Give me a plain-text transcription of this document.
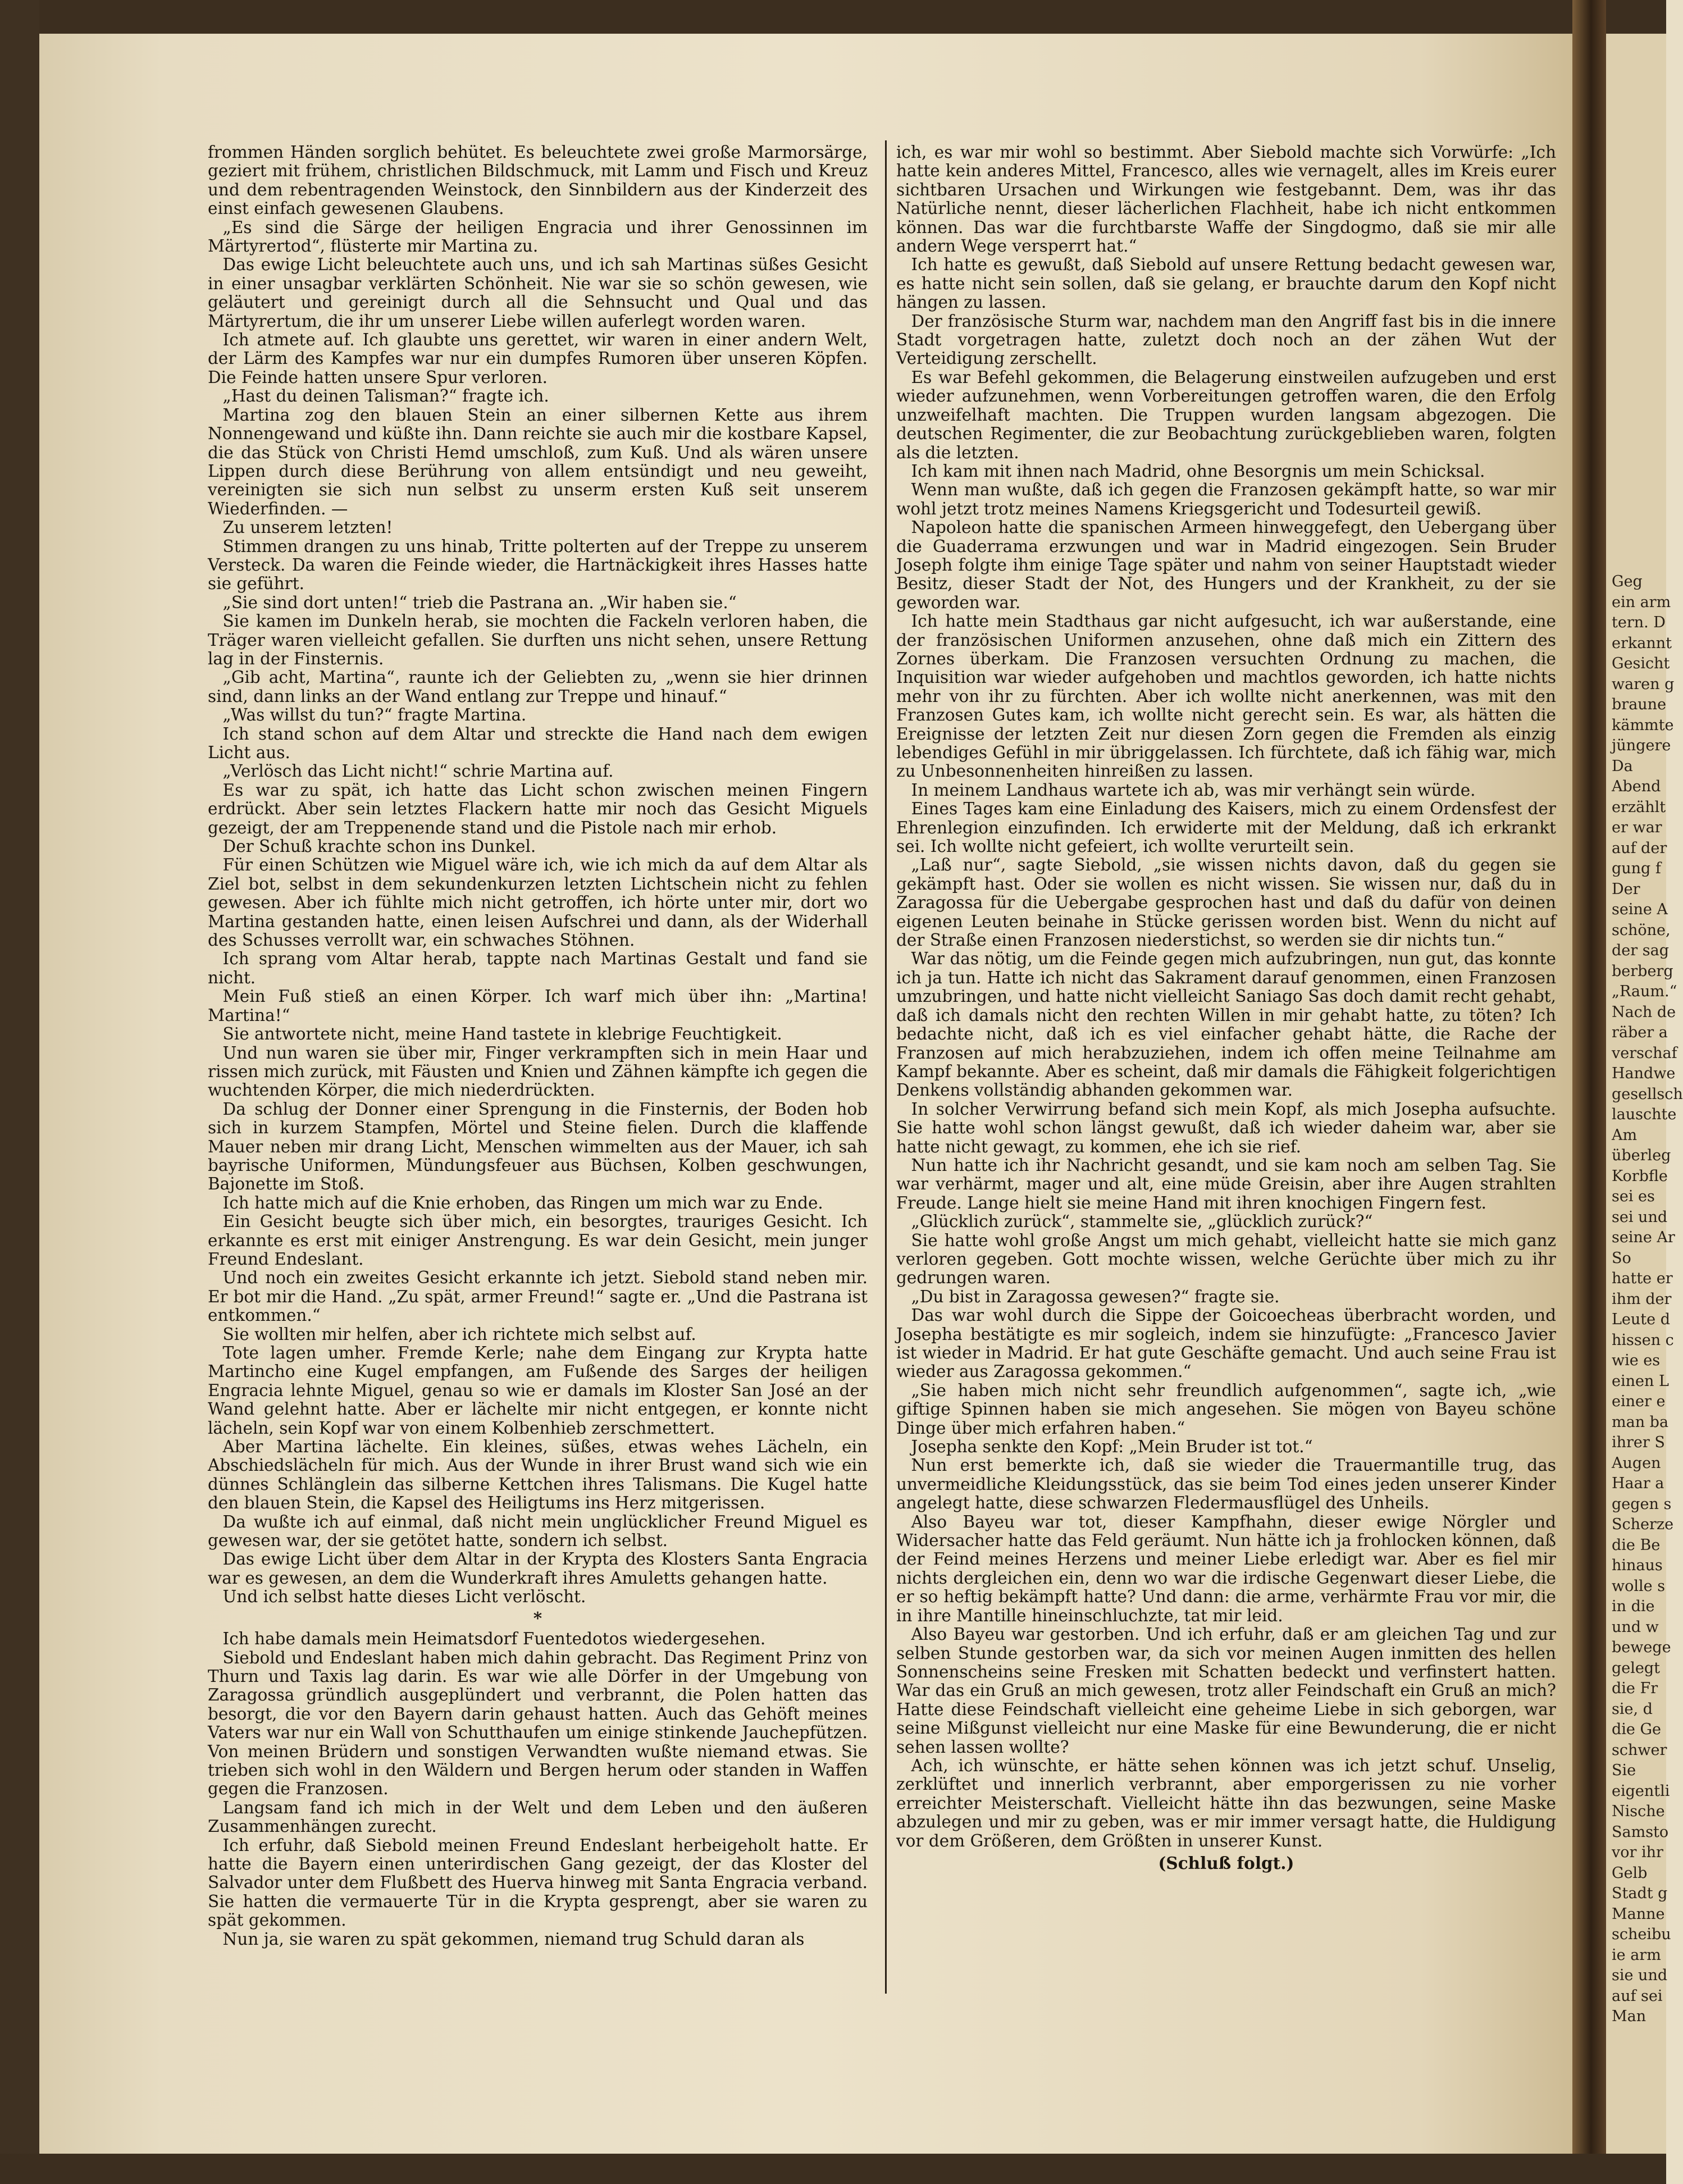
Geg
ein arm
tern. D
erkannt
Gesicht
waren g
braune
kämmte
jüngere
Da
Abend
erzählt
er war
auf der
gung f
Der
seine A
schöne,
der sag
berberg
„Raum.“
Nach de
räber a
verschaf
Handwe
gesellsch
lauschte
Am
überleg
Korbfle
sei es
sei und
seine Ar
So
hatte er
ihm der
Leute d
hissen c
wie es
einen L
einer e
man ba
ihrer S
Augen
Haar a
gegen s
Scherze
die Be
hinaus
wolle s
in die
und w
bewege
gelegt
die Fr
sie, d
die Ge
schwer
Sie
eigentli
Nische
Samsto
vor ihr
Gelb
Stadt g
Manne
scheibu
ie arm
sie und
auf sei
Man

frommen Händen sorglich behütet. Es beleuchtete zwei große Marmorsärge, geziert mit frühem, christlichen Bildschmuck, mit Lamm und Fisch und Kreuz und dem rebentragenden Weinstock, den Sinnbildern aus der Kinderzeit des einst einfach gewesenen Glaubens.

„Es sind die Särge der heiligen Engracia und ihrer Genossinnen im Märtyrertod“, flüsterte mir Martina zu.

Das ewige Licht beleuchtete auch uns, und ich sah Martinas süßes Gesicht in einer unsagbar verklärten Schönheit. Nie war sie so schön gewesen, wie geläutert und gereinigt durch all die Sehnsucht und Qual und das Märtyrertum, die ihr um unserer Liebe willen auferlegt worden waren.

Ich atmete auf. Ich glaubte uns gerettet, wir waren in einer andern Welt, der Lärm des Kampfes war nur ein dumpfes Rumoren über unseren Köpfen. Die Feinde hatten unsere Spur verloren.

„Hast du deinen Talisman?“ fragte ich.

Martina zog den blauen Stein an einer silbernen Kette aus ihrem Nonnengewand und küßte ihn. Dann reichte sie auch mir die kostbare Kapsel, die das Stück von Christi Hemd umschloß, zum Kuß. Und als wären unsere Lippen durch diese Berührung von allem entsündigt und neu geweiht, vereinigten sie sich nun selbst zu unserm ersten Kuß seit unserem Wiederfinden. —

Zu unserem letzten!

Stimmen drangen zu uns hinab, Tritte polterten auf der Treppe zu unserem Versteck. Da waren die Feinde wieder, die Hartnäckigkeit ihres Hasses hatte sie geführt.

„Sie sind dort unten!“ trieb die Pastrana an. „Wir haben sie.“

Sie kamen im Dunkeln herab, sie mochten die Fackeln verloren haben, die Träger waren vielleicht gefallen. Sie durften uns nicht sehen, unsere Rettung lag in der Finsternis.

„Gib acht, Martina“, raunte ich der Geliebten zu, „wenn sie hier drinnen sind, dann links an der Wand entlang zur Treppe und hinauf.“

„Was willst du tun?“ fragte Martina.

Ich stand schon auf dem Altar und streckte die Hand nach dem ewigen Licht aus.

„Verlösch das Licht nicht!“ schrie Martina auf.

Es war zu spät, ich hatte das Licht schon zwischen meinen Fingern erdrückt. Aber sein letztes Flackern hatte mir noch das Gesicht Miguels gezeigt, der am Treppenende stand und die Pistole nach mir erhob.

Der Schuß krachte schon ins Dunkel.

Für einen Schützen wie Miguel wäre ich, wie ich mich da auf dem Altar als Ziel bot, selbst in dem sekundenkurzen letzten Lichtschein nicht zu fehlen gewesen. Aber ich fühlte mich nicht getroffen, ich hörte unter mir, dort wo Martina gestanden hatte, einen leisen Aufschrei und dann, als der Widerhall des Schusses verrollt war, ein schwaches Stöhnen.

Ich sprang vom Altar herab, tappte nach Martinas Gestalt und fand sie nicht.

Mein Fuß stieß an einen Körper. Ich warf mich über ihn: „Martina! Martina!“

Sie antwortete nicht, meine Hand tastete in klebrige Feuchtigkeit.

Und nun waren sie über mir, Finger verkrampften sich in mein Haar und rissen mich zurück, mit Fäusten und Knien und Zähnen kämpfte ich gegen die wuchtenden Körper, die mich niederdrückten.

Da schlug der Donner einer Sprengung in die Finsternis, der Boden hob sich in kurzem Stampfen, Mörtel und Steine fielen. Durch die klaffende Mauer neben mir drang Licht, Menschen wimmelten aus der Mauer, ich sah bayrische Uniformen, Mündungsfeuer aus Büchsen, Kolben geschwungen, Bajonette im Stoß.

Ich hatte mich auf die Knie erhoben, das Ringen um mich war zu Ende.

Ein Gesicht beugte sich über mich, ein besorgtes, trauriges Gesicht. Ich erkannte es erst mit einiger Anstrengung. Es war dein Gesicht, mein junger Freund Endeslant.

Und noch ein zweites Gesicht erkannte ich jetzt. Siebold stand neben mir. Er bot mir die Hand. „Zu spät, armer Freund!“ sagte er. „Und die Pastrana ist entkommen.“

Sie wollten mir helfen, aber ich richtete mich selbst auf.

Tote lagen umher. Fremde Kerle; nahe dem Eingang zur Krypta hatte Martincho eine Kugel empfangen, am Fußende des Sarges der heiligen Engracia lehnte Miguel, genau so wie er damals im Kloster San José an der Wand gelehnt hatte. Aber er lächelte mir nicht entgegen, er konnte nicht lächeln, sein Kopf war von einem Kolbenhieb zerschmettert.

Aber Martina lächelte. Ein kleines, süßes, etwas wehes Lächeln, ein Abschiedslächeln für mich. Aus der Wunde in ihrer Brust wand sich wie ein dünnes Schlänglein das silberne Kettchen ihres Talismans. Die Kugel hatte den blauen Stein, die Kapsel des Heiligtums ins Herz mitgerissen.

Da wußte ich auf einmal, daß nicht mein unglücklicher Freund Miguel es gewesen war, der sie getötet hatte, sondern ich selbst.

Das ewige Licht über dem Altar in der Krypta des Klosters Santa Engracia war es gewesen, an dem die Wunderkraft ihres Amuletts gehangen hatte.

Und ich selbst hatte dieses Licht verlöscht.

*

Ich habe damals mein Heimatsdorf Fuentedotos wiedergesehen.

Siebold und Endeslant haben mich dahin gebracht. Das Regiment Prinz von Thurn und Taxis lag darin. Es war wie alle Dörfer in der Umgebung von Zaragossa gründlich ausgeplündert und verbrannt, die Polen hatten das besorgt, die vor den Bayern darin gehaust hatten. Auch das Gehöft meines Vaters war nur ein Wall von Schutthaufen um einige stinkende Jauchepfützen. Von meinen Brüdern und sonstigen Verwandten wußte niemand etwas. Sie trieben sich wohl in den Wäldern und Bergen herum oder standen in Waffen gegen die Franzosen.

Langsam fand ich mich in der Welt und dem Leben und den äußeren Zusammenhängen zurecht.

Ich erfuhr, daß Siebold meinen Freund Endeslant herbeigeholt hatte. Er hatte die Bayern einen unterirdischen Gang gezeigt, der das Kloster del Salvador unter dem Flußbett des Huerva hinweg mit Santa Engracia verband. Sie hatten die vermauerte Tür in die Krypta gesprengt, aber sie waren zu spät gekommen.

Nun ja, sie waren zu spät gekommen, niemand trug Schuld daran als

ich, es war mir wohl so bestimmt. Aber Siebold machte sich Vorwürfe: „Ich hatte kein anderes Mittel, Francesco, alles wie vernagelt, alles im Kreis eurer sichtbaren Ursachen und Wirkungen wie festgebannt. Dem, was ihr das Natürliche nennt, dieser lächerlichen Flachheit, habe ich nicht entkommen können. Das war die furchtbarste Waffe der Singdogmo, daß sie mir alle andern Wege versperrt hat.“

Ich hatte es gewußt, daß Siebold auf unsere Rettung bedacht gewesen war, es hatte nicht sein sollen, daß sie gelang, er brauchte darum den Kopf nicht hängen zu lassen.

Der französische Sturm war, nachdem man den Angriff fast bis in die innere Stadt vorgetragen hatte, zuletzt doch noch an der zähen Wut der Verteidigung zerschellt.

Es war Befehl gekommen, die Belagerung einstweilen aufzugeben und erst wieder aufzunehmen, wenn Vorbereitungen getroffen waren, die den Erfolg unzweifelhaft machten. Die Truppen wurden langsam abgezogen. Die deutschen Regimenter, die zur Beobachtung zurückgeblieben waren, folgten als die letzten.

Ich kam mit ihnen nach Madrid, ohne Besorgnis um mein Schicksal.

Wenn man wußte, daß ich gegen die Franzosen gekämpft hatte, so war mir wohl jetzt trotz meines Namens Kriegsgericht und Todesurteil gewiß.

Napoleon hatte die spanischen Armeen hinweggefegt, den Uebergang über die Guaderrama erzwungen und war in Madrid eingezogen. Sein Bruder Joseph folgte ihm einige Tage später und nahm von seiner Hauptstadt wieder Besitz, dieser Stadt der Not, des Hungers und der Krankheit, zu der sie geworden war.

Ich hatte mein Stadthaus gar nicht aufgesucht, ich war außerstande, eine der französischen Uniformen anzusehen, ohne daß mich ein Zittern des Zornes überkam. Die Franzosen versuchten Ordnung zu machen, die Inquisition war wieder aufgehoben und machtlos geworden, ich hatte nichts mehr von ihr zu fürchten. Aber ich wollte nicht anerkennen, was mit den Franzosen Gutes kam, ich wollte nicht gerecht sein. Es war, als hätten die Ereignisse der letzten Zeit nur diesen Zorn gegen die Fremden als einzig lebendiges Gefühl in mir übriggelassen. Ich fürchtete, daß ich fähig war, mich zu Unbesonnenheiten hinreißen zu lassen.

In meinem Landhaus wartete ich ab, was mir verhängt sein würde.

Eines Tages kam eine Einladung des Kaisers, mich zu einem Ordensfest der Ehrenlegion einzufinden. Ich erwiderte mit der Meldung, daß ich erkrankt sei. Ich wollte nicht gefeiert, ich wollte verurteilt sein.

„Laß nur“, sagte Siebold, „sie wissen nichts davon, daß du gegen sie gekämpft hast. Oder sie wollen es nicht wissen. Sie wissen nur, daß du in Zaragossa für die Uebergabe gesprochen hast und daß du dafür von deinen eigenen Leuten beinahe in Stücke gerissen worden bist. Wenn du nicht auf der Straße einen Franzosen niederstichst, so werden sie dir nichts tun.“

War das nötig, um die Feinde gegen mich aufzubringen, nun gut, das konnte ich ja tun. Hatte ich nicht das Sakrament darauf genommen, einen Franzosen umzubringen, und hatte nicht vielleicht Saniago Sas doch damit recht gehabt, daß ich damals nicht den rechten Willen in mir gehabt hatte, zu töten? Ich bedachte nicht, daß ich es viel einfacher gehabt hätte, die Rache der Franzosen auf mich herabzuziehen, indem ich offen meine Teilnahme am Kampf bekannte. Aber es scheint, daß mir damals die Fähigkeit folgerichtigen Denkens vollständig abhanden gekommen war.

In solcher Verwirrung befand sich mein Kopf, als mich Josepha aufsuchte. Sie hatte wohl schon längst gewußt, daß ich wieder daheim war, aber sie hatte nicht gewagt, zu kommen, ehe ich sie rief.

Nun hatte ich ihr Nachricht gesandt, und sie kam noch am selben Tag. Sie war verhärmt, mager und alt, eine müde Greisin, aber ihre Augen strahlten Freude. Lange hielt sie meine Hand mit ihren knochigen Fingern fest.

„Glücklich zurück“, stammelte sie, „glücklich zurück?“

Sie hatte wohl große Angst um mich gehabt, vielleicht hatte sie mich ganz verloren gegeben. Gott mochte wissen, welche Gerüchte über mich zu ihr gedrungen waren.

„Du bist in Zaragossa gewesen?“ fragte sie.

Das war wohl durch die Sippe der Goicoecheas überbracht worden, und Josepha bestätigte es mir sogleich, indem sie hinzufügte: „Francesco Javier ist wieder in Madrid. Er hat gute Geschäfte gemacht. Und auch seine Frau ist wieder aus Zaragossa gekommen.“

„Sie haben mich nicht sehr freundlich aufgenommen“, sagte ich, „wie giftige Spinnen haben sie mich angesehen. Sie mögen von Bayeu schöne Dinge über mich erfahren haben.“

Josepha senkte den Kopf: „Mein Bruder ist tot.“

Nun erst bemerkte ich, daß sie wieder die Trauermantille trug, das unvermeidliche Kleidungsstück, das sie beim Tod eines jeden unserer Kinder angelegt hatte, diese schwarzen Fledermausflügel des Unheils.

Also Bayeu war tot, dieser Kampfhahn, dieser ewige Nörgler und Widersacher hatte das Feld geräumt. Nun hätte ich ja frohlocken können, daß der Feind meines Herzens und meiner Liebe erledigt war. Aber es fiel mir nichts dergleichen ein, denn wo war die irdische Gegenwart dieser Liebe, die er so heftig bekämpft hatte? Und dann: die arme, verhärmte Frau vor mir, die in ihre Mantille hineinschluchzte, tat mir leid.

Also Bayeu war gestorben. Und ich erfuhr, daß er am gleichen Tag und zur selben Stunde gestorben war, da sich vor meinen Augen inmitten des hellen Sonnenscheins seine Fresken mit Schatten bedeckt und verfinstert hatten. War das ein Gruß an mich gewesen, trotz aller Feindschaft ein Gruß an mich? Hatte diese Feindschaft vielleicht eine geheime Liebe in sich geborgen, war seine Mißgunst vielleicht nur eine Maske für eine Bewunderung, die er nicht sehen lassen wollte?

Ach, ich wünschte, er hätte sehen können was ich jetzt schuf. Unselig, zerklüftet und innerlich verbrannt, aber emporgerissen zu nie vorher erreichter Meisterschaft. Vielleicht hätte ihn das bezwungen, seine Maske abzulegen und mir zu geben, was er mir immer versagt hatte, die Huldigung vor dem Größeren, dem Größten in unserer Kunst.

(Schluß folgt.)
